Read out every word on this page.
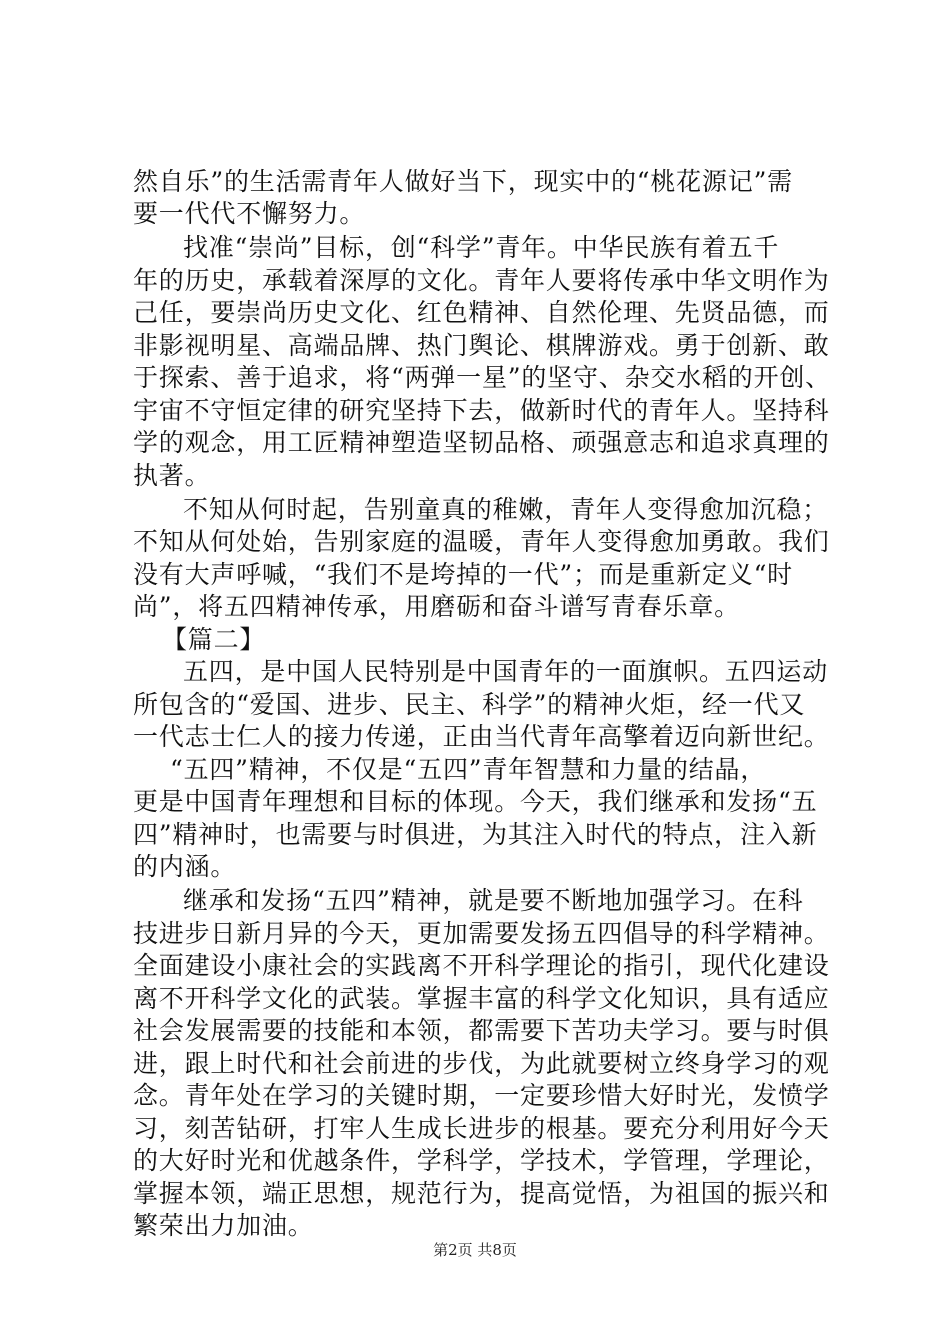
然自乐”的生活需青年人做好当下，现实中的“桃花源记”需
要一代代不懈努力。
找准“崇尚”目标，创“科学”青年。中华民族有着五千
年的历史，承载着深厚的文化。青年人要将传承中华文明作为
己任，要崇尚历史文化、红色精神、自然伦理、先贤品德，而
非影视明星、高端品牌、热门舆论、棋牌游戏。勇于创新、敢
于探索、善于追求，将“两弹一星”的坚守、杂交水稻的开创、
宇宙不守恒定律的研究坚持下去，做新时代的青年人。坚持科
学的观念，用工匠精神塑造坚韧品格、顽强意志和追求真理的
执著。
不知从何时起，告别童真的稚嫩，青年人变得愈加沉稳；
不知从何处始，告别家庭的温暖，青年人变得愈加勇敢。我们
没有大声呼喊，“我们不是垮掉的一代”；而是重新定义“时
尚”，将五四精神传承，用磨砺和奋斗谱写青春乐章。
【篇二】
五四，是中国人民特别是中国青年的一面旗帜。五四运动
所包含的“爱国、进步、民主、科学”的精神火炬，经一代又
一代志士仁人的接力传递，正由当代青年高擎着迈向新世纪。
“五四”精神，不仅是“五四”青年智慧和力量的结晶，
更是中国青年理想和目标的体现。今天，我们继承和发扬“五
四”精神时，也需要与时俱进，为其注入时代的特点，注入新
的内涵。
继承和发扬“五四”精神，就是要不断地加强学习。在科
技进步日新月异的今天，更加需要发扬五四倡导的科学精神。
全面建设小康社会的实践离不开科学理论的指引，现代化建设
离不开科学文化的武装。掌握丰富的科学文化知识，具有适应
社会发展需要的技能和本领，都需要下苦功夫学习。要与时俱
进，跟上时代和社会前进的步伐，为此就要树立终身学习的观
念。青年处在学习的关键时期，一定要珍惜大好时光，发愤学
习，刻苦钻研，打牢人生成长进步的根基。要充分利用好今天
的大好时光和优越条件，学科学，学技术，学管理，学理论，
掌握本领，端正思想，规范行为，提高觉悟，为祖国的振兴和
繁荣出力加油。
第2页 共8页
